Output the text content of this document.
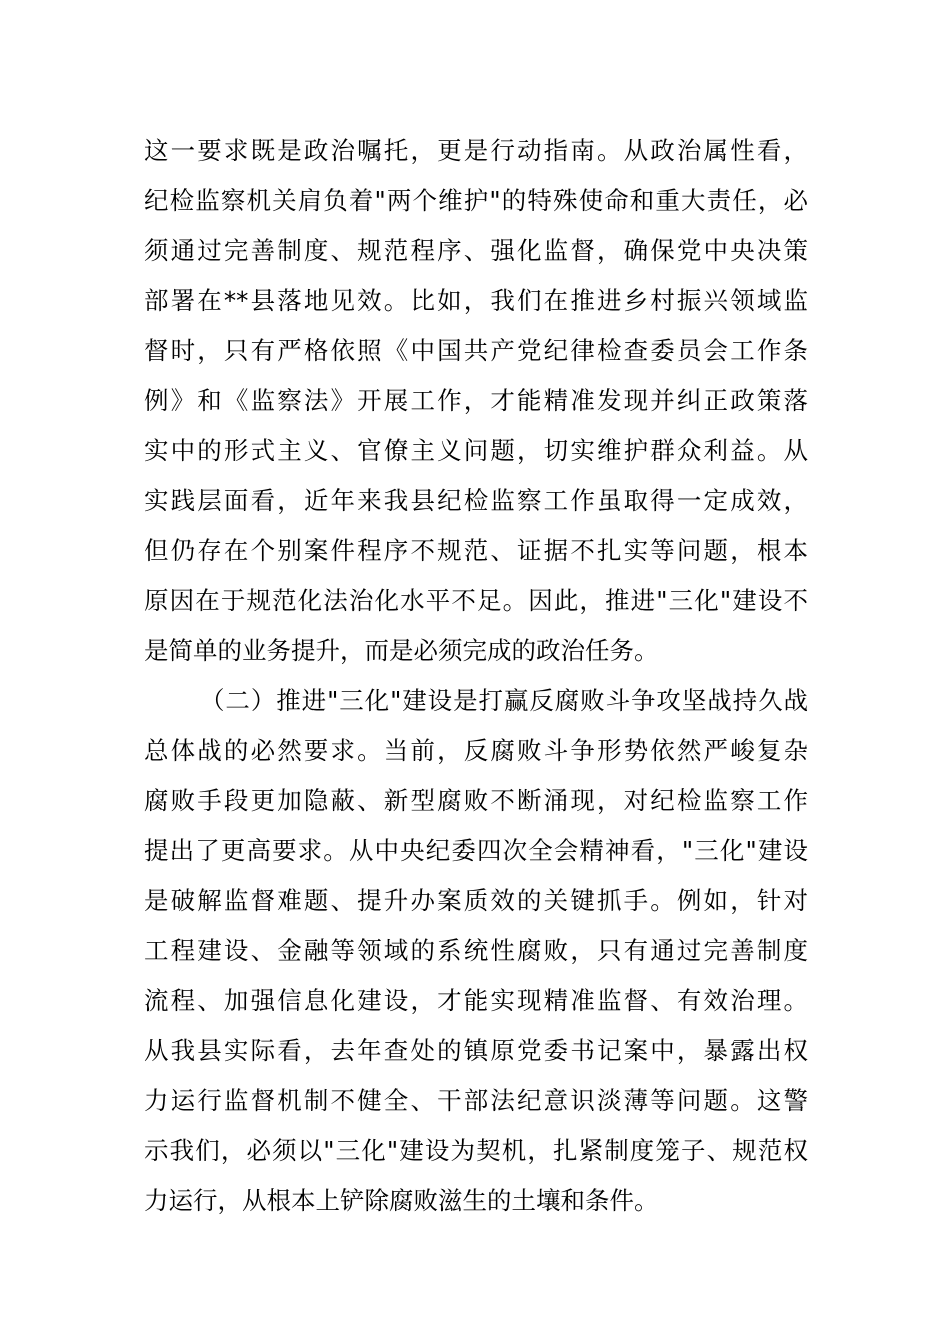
这一要求既是政治嘱托，更是行动指南。从政治属性看，
纪检监察机关肩负着"两个维护"的特殊使命和重大责任，必
须通过完善制度、规范程序、强化监督，确保党中央决策
部署在**县落地见效。比如，我们在推进乡村振兴领域监
督时，只有严格依照《中国共产党纪律检查委员会工作条
例》和《监察法》开展工作，才能精准发现并纠正政策落
实中的形式主义、官僚主义问题，切实维护群众利益。从
实践层面看，近年来我县纪检监察工作虽取得一定成效，
但仍存在个别案件程序不规范、证据不扎实等问题，根本
原因在于规范化法治化水平不足。因此，推进"三化"建设不
是简单的业务提升，而是必须完成的政治任务。
（二）推进"三化"建设是打赢反腐败斗争攻坚战持久战
总体战的必然要求。当前，反腐败斗争形势依然严峻复杂
腐败手段更加隐蔽、新型腐败不断涌现，对纪检监察工作
提出了更高要求。从中央纪委四次全会精神看，"三化"建设
是破解监督难题、提升办案质效的关键抓手。例如，针对
工程建设、金融等领域的系统性腐败，只有通过完善制度
流程、加强信息化建设，才能实现精准监督、有效治理。
从我县实际看，去年查处的镇原党委书记案中，暴露出权
力运行监督机制不健全、干部法纪意识淡薄等问题。这警
示我们，必须以"三化"建设为契机，扎紧制度笼子、规范权
力运行，从根本上铲除腐败滋生的土壤和条件。
